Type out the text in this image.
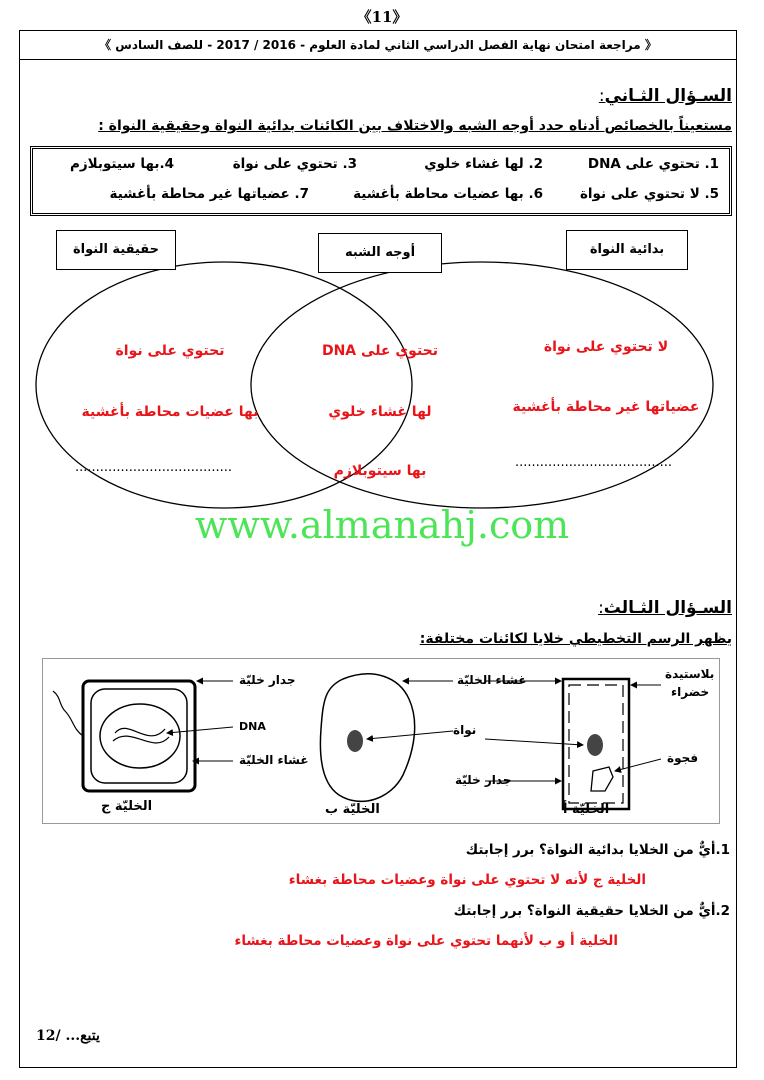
《11》
《 مراجعة امتحان نهاية الفصل الدراسي الثاني لمادة العلوم - 2016 / 2017 - للصف السادس 》
السـؤال الثـاني:
مستعيناً بالخصائص أدناه حدد أوجه الشبه والاختلاف بين الكائنات بدائية النواة وحقيقية النواة :
1. تحتوي على DNA
2. لها غشاء خلوي
3. تحتوي على نواة
4.بها سيتوبلازم
5. لا تحتوي على نواة
6. بها عضيات محاطة بأغشية
7. عضياتها غير محاطة بأغشية
حقيقية النواة	أوجه الشبه	بدائية النواة
تحتوي على نواة
بها عضيات محاطة بأغشية
......................................
تحتوي على DNA
لها غشاء خلوي
بها سيتوبلازم
لا تحتوي على نواة
عضياتها غير محاطة بأغشية
......................................
www.almanahj.com
السـؤال الثـالث:
يظهر الرسم التخطيطي خلايا لكائنات مختلفة:
جدار خليّة
DNA
غشاء الخليّة
الخليّة ج
غشاء الخليّة
نواة
الخليّة ب
بلاستيدة
خضراء
فجوة
جدار خليّة
الخليّة أ
1.أيٌّ من الخلايا بدائية النواة؟ برر إجابتك
الخلية ج لأنه لا تحتوي على نواة وعضيات محاطة بغشاء
2.أيٌّ من الخلايا حقيقية النواة؟ برر إجابتك
الخلية أ و ب لأنهما تحتوي على نواة وعضيات محاطة بغشاء
يتبع... /12
